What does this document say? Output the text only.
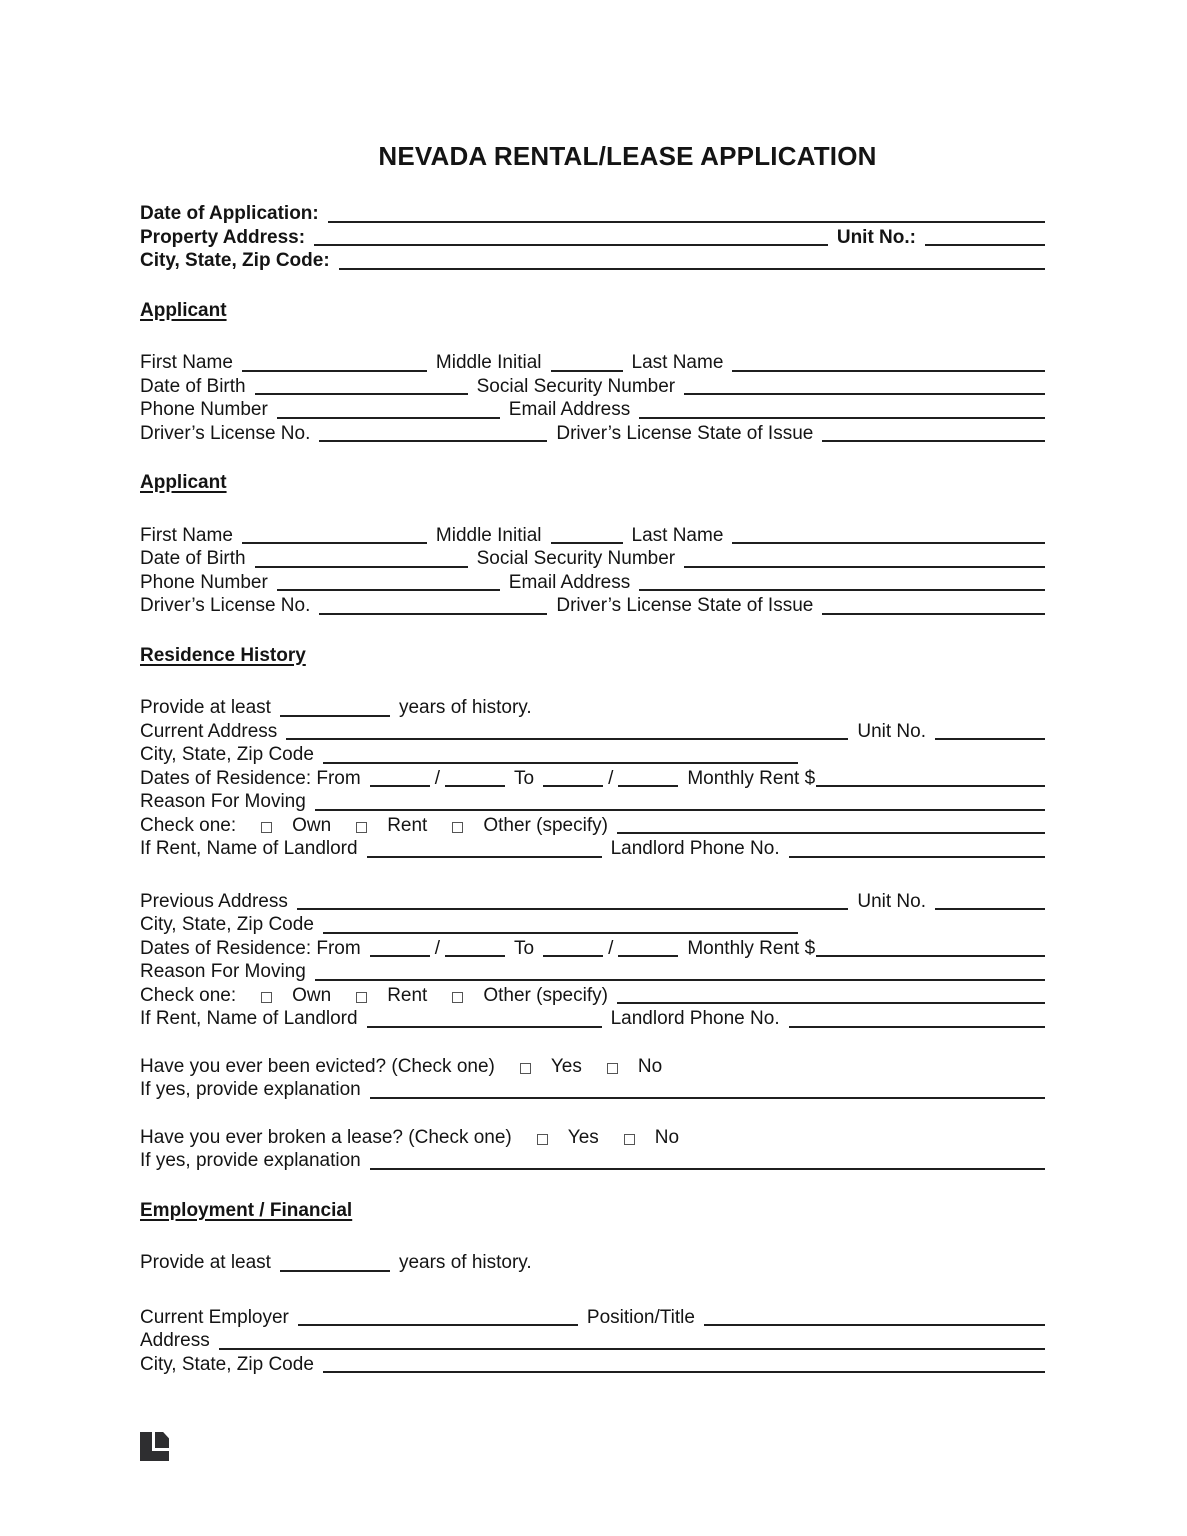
NEVADA RENTAL/LEASE APPLICATION
Date of Application:
Property Address:	Unit No.:
City, State, Zip Code:
Applicant
First Name	Middle Initial	Last Name
Date of Birth	Social Security Number
Phone Number	Email Address
Driver’s License No.	Driver’s License State of Issue
Applicant
First Name	Middle Initial	Last Name
Date of Birth	Social Security Number
Phone Number	Email Address
Driver’s License No.	Driver’s License State of Issue
Residence History
Provide at least	years of history.
Current Address	Unit No.
City, State, Zip Code
Dates of Residence: From	/	To	/	Monthly Rent $
Reason For Moving
Check one:	Own	Rent	Other (specify)
If Rent, Name of Landlord	Landlord Phone No.
Previous Address	Unit No.
City, State, Zip Code
Dates of Residence: From	/	To	/	Monthly Rent $
Reason For Moving
Check one:	Own	Rent	Other (specify)
If Rent, Name of Landlord	Landlord Phone No.
Have you ever been evicted? (Check one)	Yes	No
If yes, provide explanation
Have you ever broken a lease? (Check one)	Yes	No
If yes, provide explanation
Employment / Financial
Provide at least	years of history.
Current Employer	Position/Title
Address
City, State, Zip Code
